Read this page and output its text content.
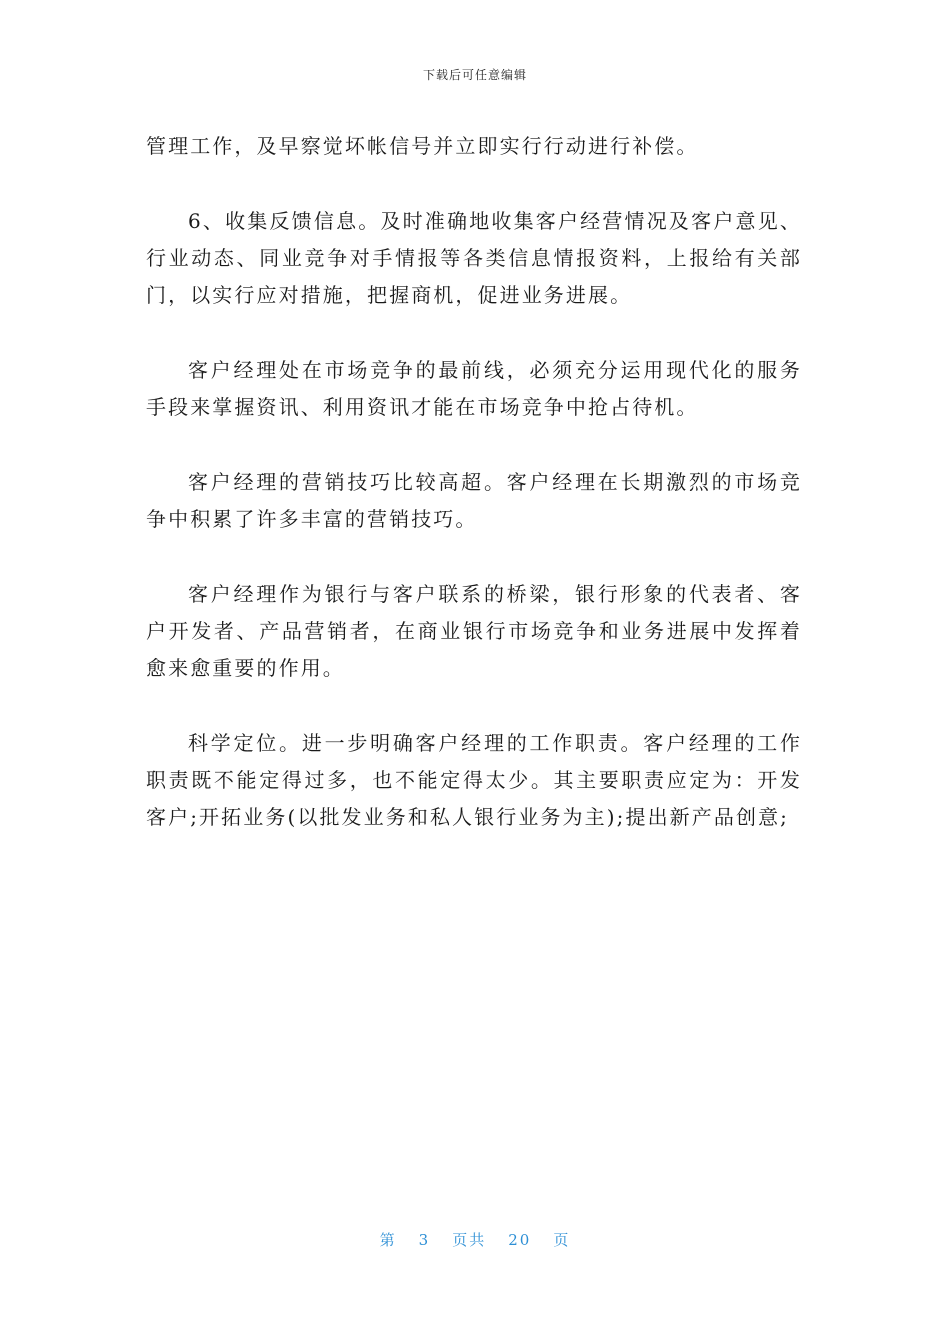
下载后可任意编辑

管理工作，及早察觉坏帐信号并立即实行行动进行补偿。

6、收集反馈信息。及时准确地收集客户经营情况及客户意见、行业动态、同业竞争对手情报等各类信息情报资料，上报给有关部门，以实行应对措施，把握商机，促进业务进展。

客户经理处在市场竞争的最前线，必须充分运用现代化的服务手段来掌握资讯、利用资讯才能在市场竞争中抢占待机。

客户经理的营销技巧比较高超。客户经理在长期激烈的市场竞争中积累了许多丰富的营销技巧。

客户经理作为银行与客户联系的桥梁，银行形象的代表者、客户开发者、产品营销者，在商业银行市场竞争和业务进展中发挥着愈来愈重要的作用。

科学定位。进一步明确客户经理的工作职责。客户经理的工作职责既不能定得过多，也不能定得太少。其主要职责应定为：开发客户;开拓业务(以批发业务和私人银行业务为主);提出新产品创意;

第 3 页共 20 页
